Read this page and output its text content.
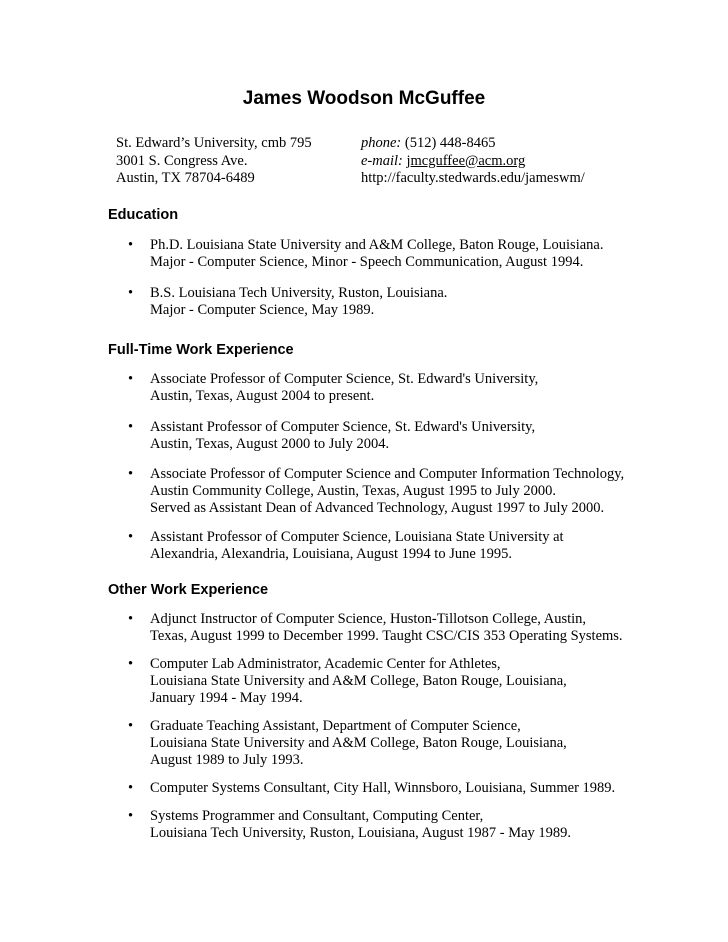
James Woodson McGuffee
St. Edward’s University, cmb 795
3001 S. Congress Ave.
Austin, TX 78704-6489
phone: (512) 448-8465
e-mail: jmcguffee@acm.org
http://faculty.stedwards.edu/jameswm/
Education
• Ph.D. Louisiana State University and A&M College, Baton Rouge, Louisiana.
Major - Computer Science, Minor - Speech Communication, August 1994.
• B.S. Louisiana Tech University, Ruston, Louisiana.
Major - Computer Science, May 1989.
Full-Time Work Experience
• Associate Professor of Computer Science, St. Edward's University,
Austin, Texas, August 2004 to present.
• Assistant Professor of Computer Science, St. Edward's University,
Austin, Texas, August 2000 to July 2004.
• Associate Professor of Computer Science and Computer Information Technology,
Austin Community College, Austin, Texas, August 1995 to July 2000.
Served as Assistant Dean of Advanced Technology, August 1997 to July 2000.
• Assistant Professor of Computer Science, Louisiana State University at
Alexandria, Alexandria, Louisiana, August 1994 to June 1995.
Other Work Experience
• Adjunct Instructor of Computer Science, Huston-Tillotson College, Austin,
Texas, August 1999 to December 1999. Taught CSC/CIS 353 Operating Systems.
• Computer Lab Administrator, Academic Center for Athletes,
Louisiana State University and A&M College, Baton Rouge, Louisiana,
January 1994 - May 1994.
• Graduate Teaching Assistant, Department of Computer Science,
Louisiana State University and A&M College, Baton Rouge, Louisiana,
August 1989 to July 1993.
• Computer Systems Consultant, City Hall, Winnsboro, Louisiana, Summer 1989.
• Systems Programmer and Consultant, Computing Center,
Louisiana Tech University, Ruston, Louisiana, August 1987 - May 1989.
